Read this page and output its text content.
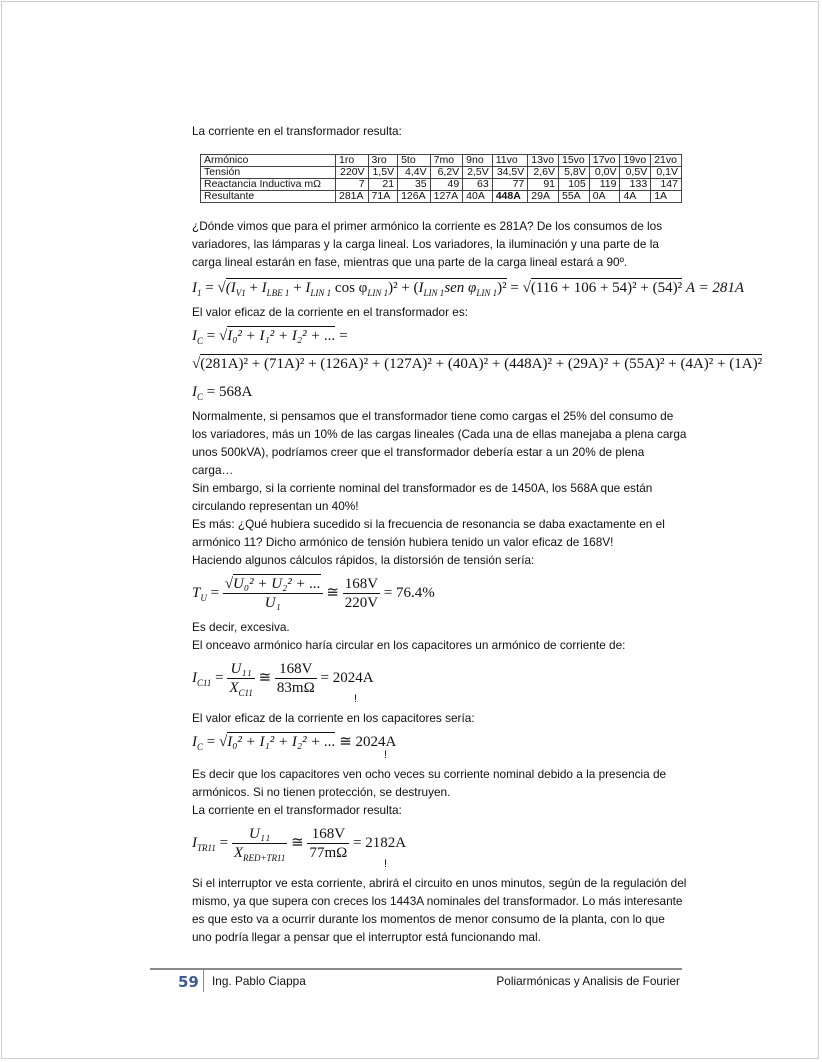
La corriente en el transformador resulta:
Armónico	1ro	3ro	5to	7mo	9no	11vo	13vo	15vo	17vo	19vo	21vo
Tensión	220V	1,5V	4,4V	6,2V	2,5V	34,5V	2,6V	5,8V	0,0V	0,5V	0,1V
Reactancia Inductiva mΩ	7	21	35	49	63	77	91	105	119	133	147
Resultante	281A	71A	126A	127A	40A	448A	29A	55A	0A	4A	1A
¿Dónde vimos que para el primer armónico la corriente es 281A? De los consumos de los variadores, las lámparas y la carga lineal. Los variadores, la iluminación y una parte de la carga lineal estarán en fase, mientras que una parte de la carga lineal estará a 90º.
$I_1 = √(I_{V1} + I_{LBE 1} + I_{LIN 1}$ $\cos \varphi_{LIN 1})^2 + (I_{LIN 1}sen$ $\varphi_{LIN 1})^2 = √(116 + 106 + 54)^2 + (54)^2$ A = 281A
El valor eficaz de la corriente en el transformador es:
$I_C = √I_0^2 + I_1^2 + I_2^2$ + ... =
√(281A)² + (71A)² + (126A)² + (127A)² + (40A)² + (448A)² + (29A)² + (55A)² + (4A)² + (1A)²
$I_C = 568A$
Normalmente, si pensamos que el transformador tiene como cargas el 25% del consumo de los variadores, más un 10% de las cargas lineales (Cada una de ellas manejaba a plena carga unos 500kVA), podríamos creer que el transformador debería estar a un 20% de plena carga…
Sin embargo, si la corriente nominal del transformador es de 1450A, los 568A que están circulando representan un 40%!
Es más: ¿Qué hubiera sucedido si la frecuencia de resonancia se daba exactamente en el armónico 11? Dicho armónico de tensión hubiera tenido un valor eficaz de 168V!
Haciendo algunos cálculos rápidos, la distorsión de tensión sería:
$T_U = \frac{\text{√U₀² + U₂² + ...}}{\text{U₁}}$ ≅ $\frac{168V}{220V} = 76.4\%$
Es decir, excesiva.
El onceavo armónico haría circular en los capacitores un armónico de corriente de:
$I_{C11} = \frac{\text{U₁₁}}{X_{C11}}$ ≅ $\frac{168V}{83m\Omega} = 2024A$
!
El valor eficaz de la corriente en los capacitores sería:
$I_C = √I_0^2 + I_1^2 + I_2^2$ + ... ≅ 2024A
!
Es decir que los capacitores ven ocho veces su corriente nominal debido a la presencia de armónicos. Si no tienen protección, se destruyen.
La corriente en el transformador resulta:
$I_{TR11} = \frac{\text{U₁₁}}{X_{RED+TR11}}$ ≅ $\frac{168V}{77m\Omega} = 2182A$
!
Si el interruptor ve esta corriente, abrirá el circuito en unos minutos, según de la regulación del mismo, ya que supera con creces los 1443A nominales del transformador. Lo más interesante es que esto va a ocurrir durante los momentos de menor consumo de la planta, con lo que uno podría llegar a pensar que el interruptor está funcionando mal.
59 Ing. Pablo Ciappa	Poliarmónicas y Analisis de Fourier
